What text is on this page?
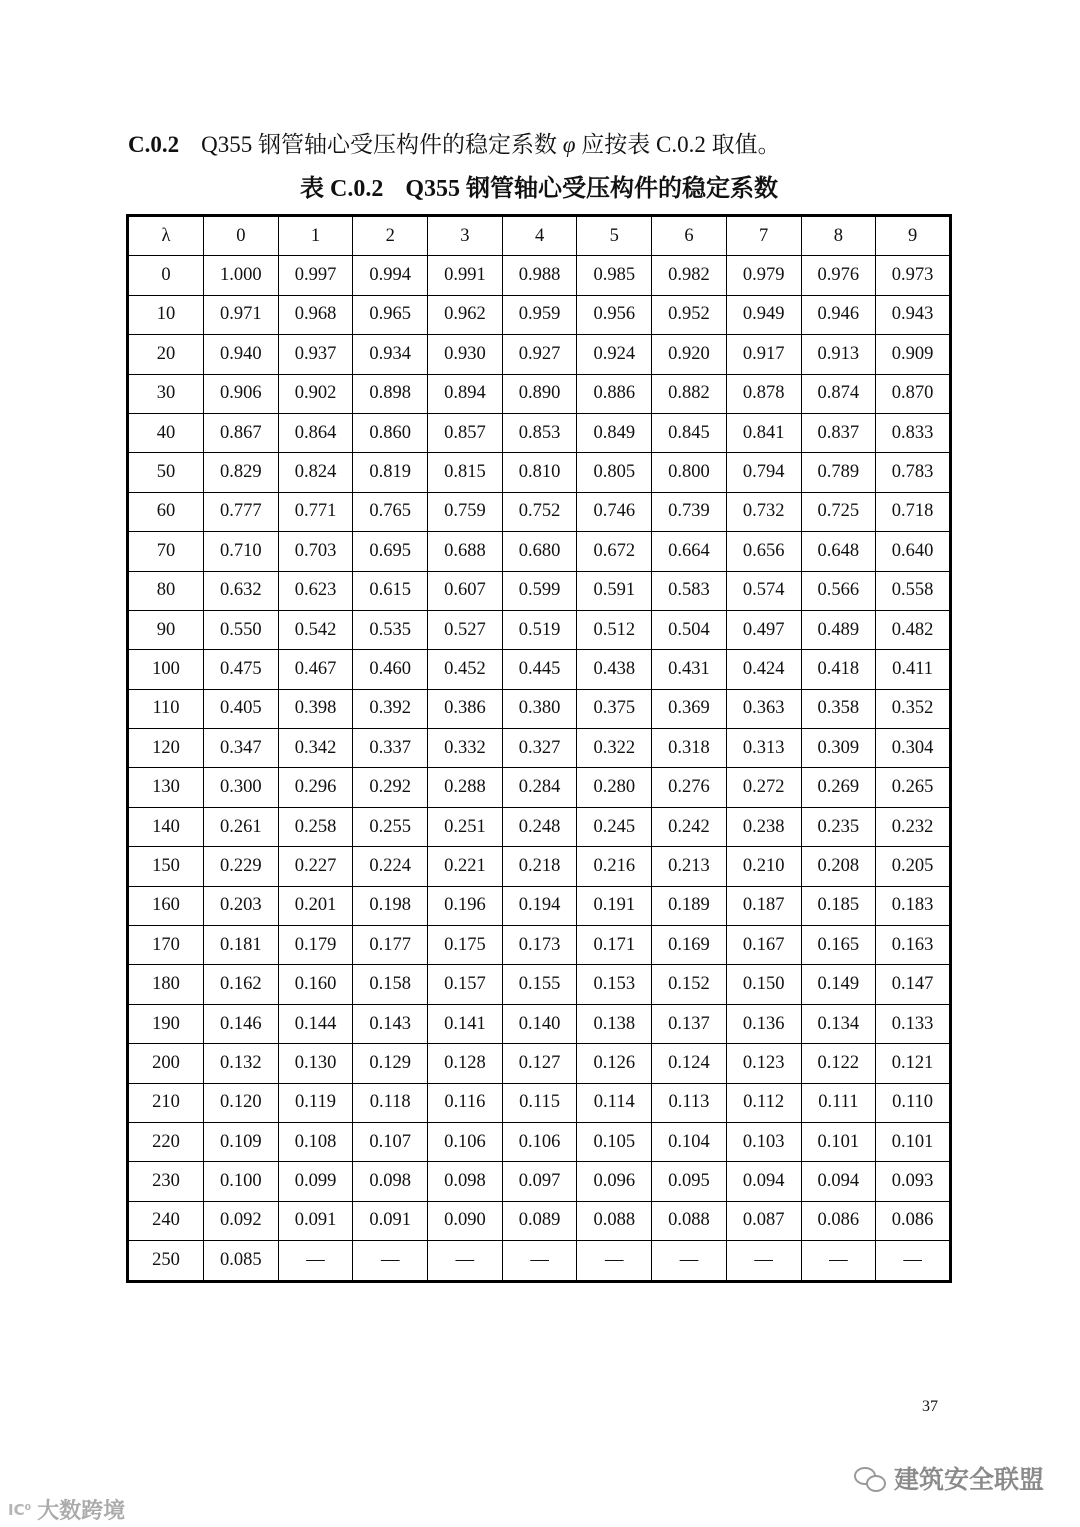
C.0.2 Q355 钢管轴心受压构件的稳定系数 φ 应按表 C.0.2 取值。
表 C.0.2 Q355 钢管轴心受压构件的稳定系数
λ	0	1	2	3	4	5	6	7	8	9
0	1.000	0.997	0.994	0.991	0.988	0.985	0.982	0.979	0.976	0.973
10	0.971	0.968	0.965	0.962	0.959	0.956	0.952	0.949	0.946	0.943
20	0.940	0.937	0.934	0.930	0.927	0.924	0.920	0.917	0.913	0.909
30	0.906	0.902	0.898	0.894	0.890	0.886	0.882	0.878	0.874	0.870
40	0.867	0.864	0.860	0.857	0.853	0.849	0.845	0.841	0.837	0.833
50	0.829	0.824	0.819	0.815	0.810	0.805	0.800	0.794	0.789	0.783
60	0.777	0.771	0.765	0.759	0.752	0.746	0.739	0.732	0.725	0.718
70	0.710	0.703	0.695	0.688	0.680	0.672	0.664	0.656	0.648	0.640
80	0.632	0.623	0.615	0.607	0.599	0.591	0.583	0.574	0.566	0.558
90	0.550	0.542	0.535	0.527	0.519	0.512	0.504	0.497	0.489	0.482
100	0.475	0.467	0.460	0.452	0.445	0.438	0.431	0.424	0.418	0.411
110	0.405	0.398	0.392	0.386	0.380	0.375	0.369	0.363	0.358	0.352
120	0.347	0.342	0.337	0.332	0.327	0.322	0.318	0.313	0.309	0.304
130	0.300	0.296	0.292	0.288	0.284	0.280	0.276	0.272	0.269	0.265
140	0.261	0.258	0.255	0.251	0.248	0.245	0.242	0.238	0.235	0.232
150	0.229	0.227	0.224	0.221	0.218	0.216	0.213	0.210	0.208	0.205
160	0.203	0.201	0.198	0.196	0.194	0.191	0.189	0.187	0.185	0.183
170	0.181	0.179	0.177	0.175	0.173	0.171	0.169	0.167	0.165	0.163
180	0.162	0.160	0.158	0.157	0.155	0.153	0.152	0.150	0.149	0.147
190	0.146	0.144	0.143	0.141	0.140	0.138	0.137	0.136	0.134	0.133
200	0.132	0.130	0.129	0.128	0.127	0.126	0.124	0.123	0.122	0.121
210	0.120	0.119	0.118	0.116	0.115	0.114	0.113	0.112	0.111	0.110
220	0.109	0.108	0.107	0.106	0.106	0.105	0.104	0.103	0.101	0.101
230	0.100	0.099	0.098	0.098	0.097	0.096	0.095	0.094	0.094	0.093
240	0.092	0.091	0.091	0.090	0.089	0.088	0.088	0.087	0.086	0.086
250	0.085	—	—	—	—	—	—	—	—	—
37
建筑安全联盟
ⅠC⁰ 大数跨境
